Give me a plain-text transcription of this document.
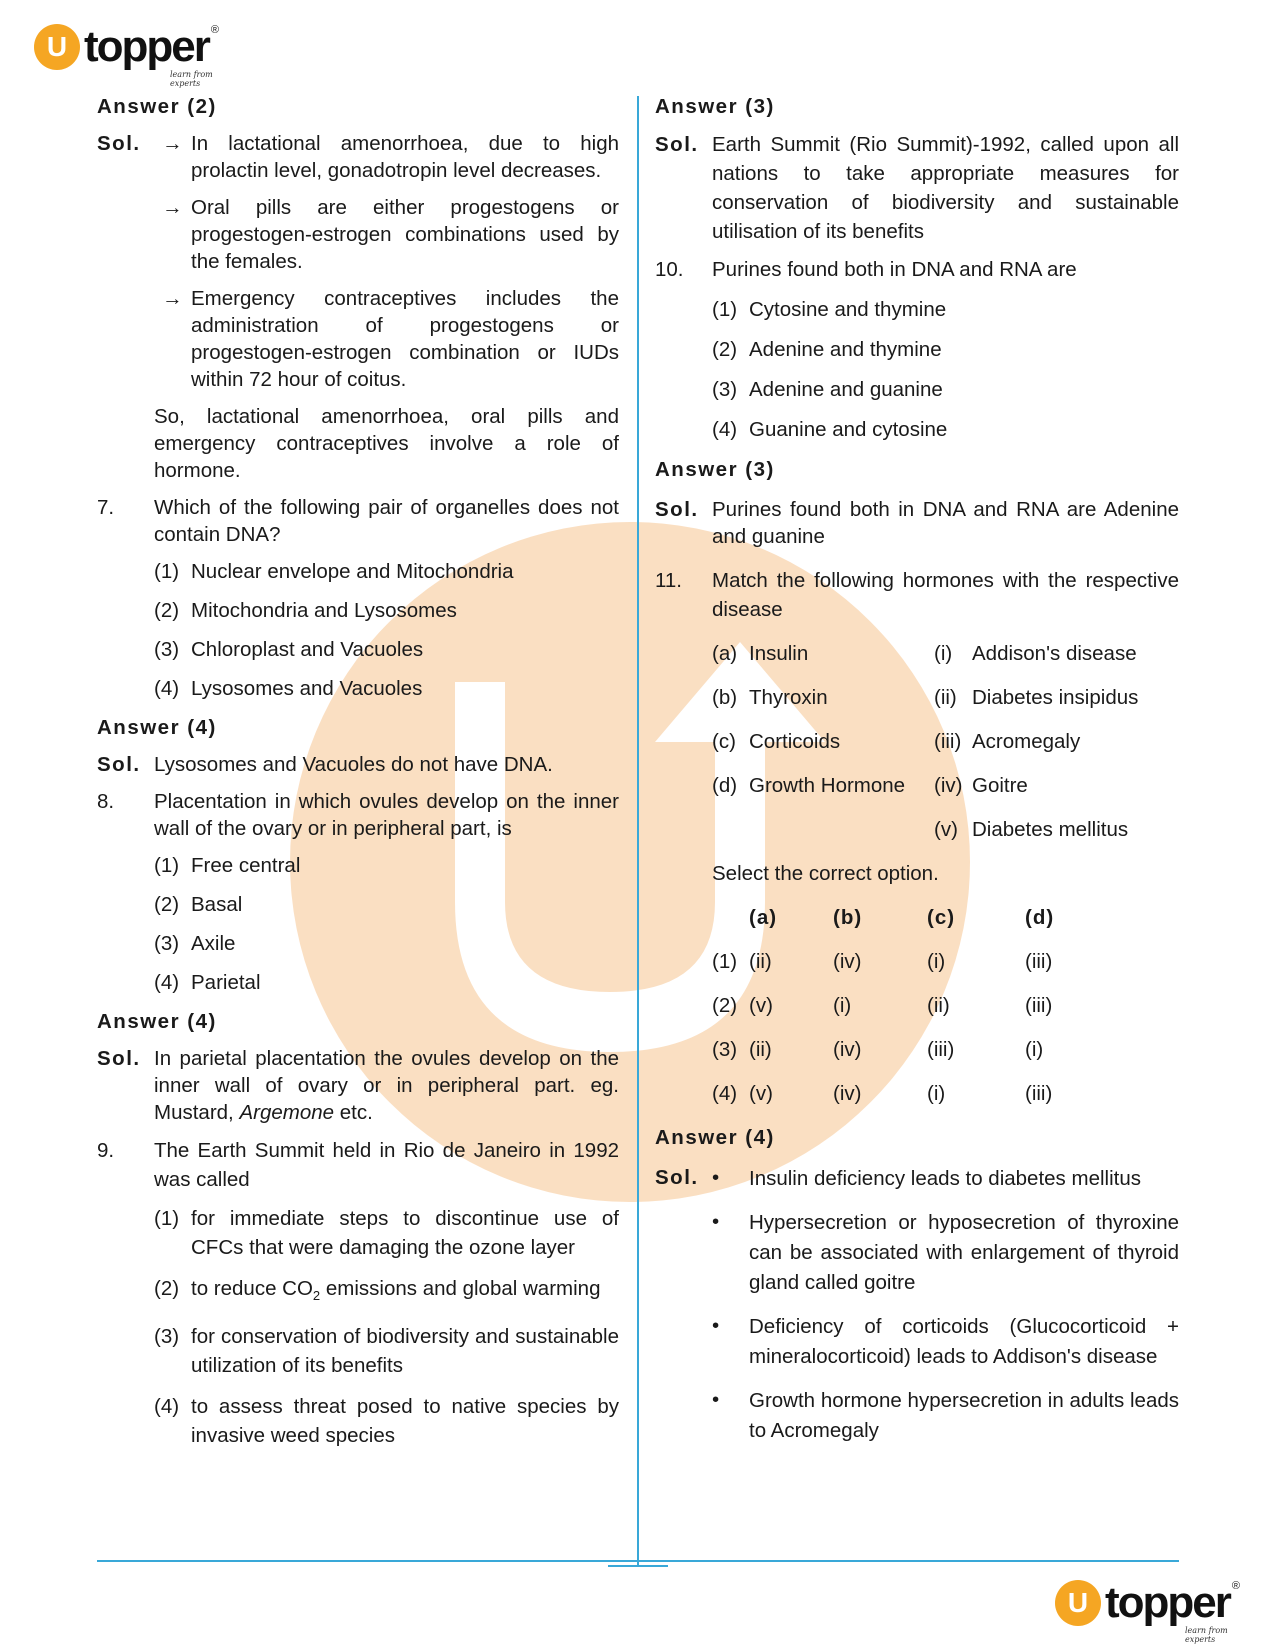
U topper ®
learn from experts
Answer (2)
Sol.	→ In lactational amenorrhoea, due to high prolactin level, gonadotropin level decreases.
→ Oral pills are either progestogens or progestogen-estrogen combinations used by the females.
→ Emergency contraceptives includes the administration of progestogens or progestogen-estrogen combination or IUDs within 72 hour of coitus.
So, lactational amenorrhoea, oral pills and emergency contraceptives involve a role of hormone.
7.	Which of the following pair of organelles does not contain DNA?
(1) Nuclear envelope and Mitochondria
(2) Mitochondria and Lysosomes
(3) Chloroplast and Vacuoles
(4) Lysosomes and Vacuoles
Answer (4)
Sol. Lysosomes and Vacuoles do not have DNA.
8.	Placentation in which ovules develop on the inner wall of the ovary or in peripheral part, is
(1) Free central
(2) Basal
(3) Axile
(4) Parietal
Answer (4)
Sol. In parietal placentation the ovules develop on the inner wall of ovary or in peripheral part. eg. Mustard, Argemone etc.
9.	The Earth Summit held in Rio de Janeiro in 1992 was called
(1) for immediate steps to discontinue use of CFCs that were damaging the ozone layer
(2) to reduce $CO_2$ emissions and global warming
(3) for conservation of biodiversity and sustainable utilization of its benefits
(4) to assess threat posed to native species by invasive weed species
Answer (3)
Sol. Earth Summit (Rio Summit)-1992, called upon all nations to take appropriate measures for conservation of biodiversity and sustainable utilisation of its benefits
10.	Purines found both in DNA and RNA are
(1) Cytosine and thymine
(2) Adenine and thymine
(3) Adenine and guanine
(4) Guanine and cytosine
Answer (3)
Sol. Purines found both in DNA and RNA are Adenine and guanine
11.	Match the following hormones with the respective disease
(a) Insulin	(i) Addison's disease
(b) Thyroxin	(ii) Diabetes insipidus
(c) Corticoids	(iii) Acromegaly
(d) Growth Hormone	(iv) Goitre
(v) Diabetes mellitus
Select the correct option.
(a)	(b)	(c)	(d)
(1) (ii)	(iv)	(i)	(iii)
(2) (v)	(i)	(ii)	(iii)
(3) (ii)	(iv)	(iii)	(i)
(4) (v)	(iv)	(i)	(iii)
Answer (4)
Sol. •	Insulin deficiency leads to diabetes mellitus
•	Hypersecretion or hyposecretion of thyroxine can be associated with enlargement of thyroid gland called goitre
•	Deficiency of corticoids (Glucocorticoid + mineralocorticoid) leads to Addison's disease
•	Growth hormone hypersecretion in adults leads to Acromegaly
U topper ®
learn from experts
